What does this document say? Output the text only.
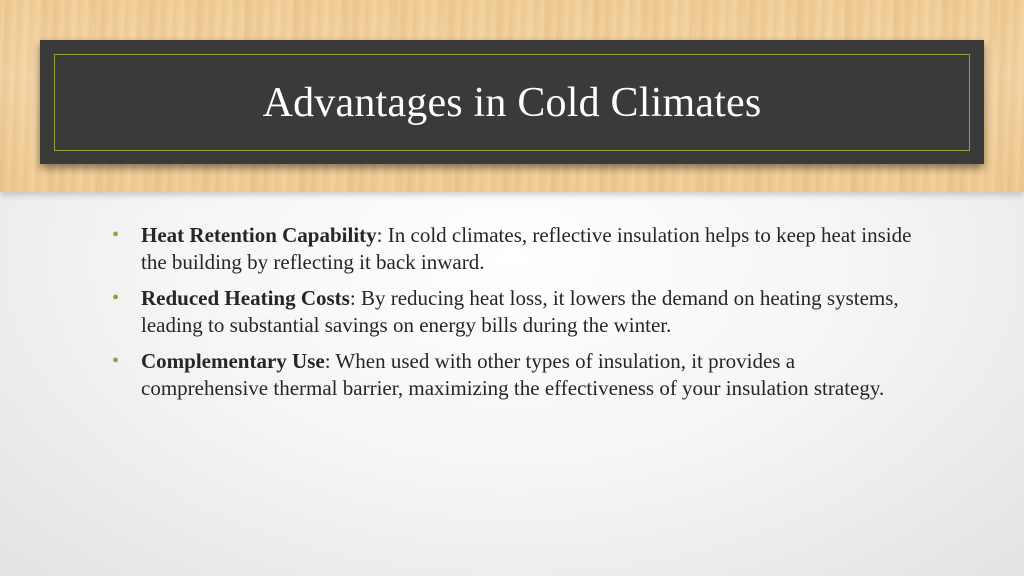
Advantages in Cold Climates
• Heat Retention Capability: In cold climates, reflective insulation helps to keep heat inside the building by reflecting it back inward.
• Reduced Heating Costs: By reducing heat loss, it lowers the demand on heating systems, leading to substantial savings on energy bills during the winter.
• Complementary Use: When used with other types of insulation, it provides a comprehensive thermal barrier, maximizing the effectiveness of your insulation strategy.
